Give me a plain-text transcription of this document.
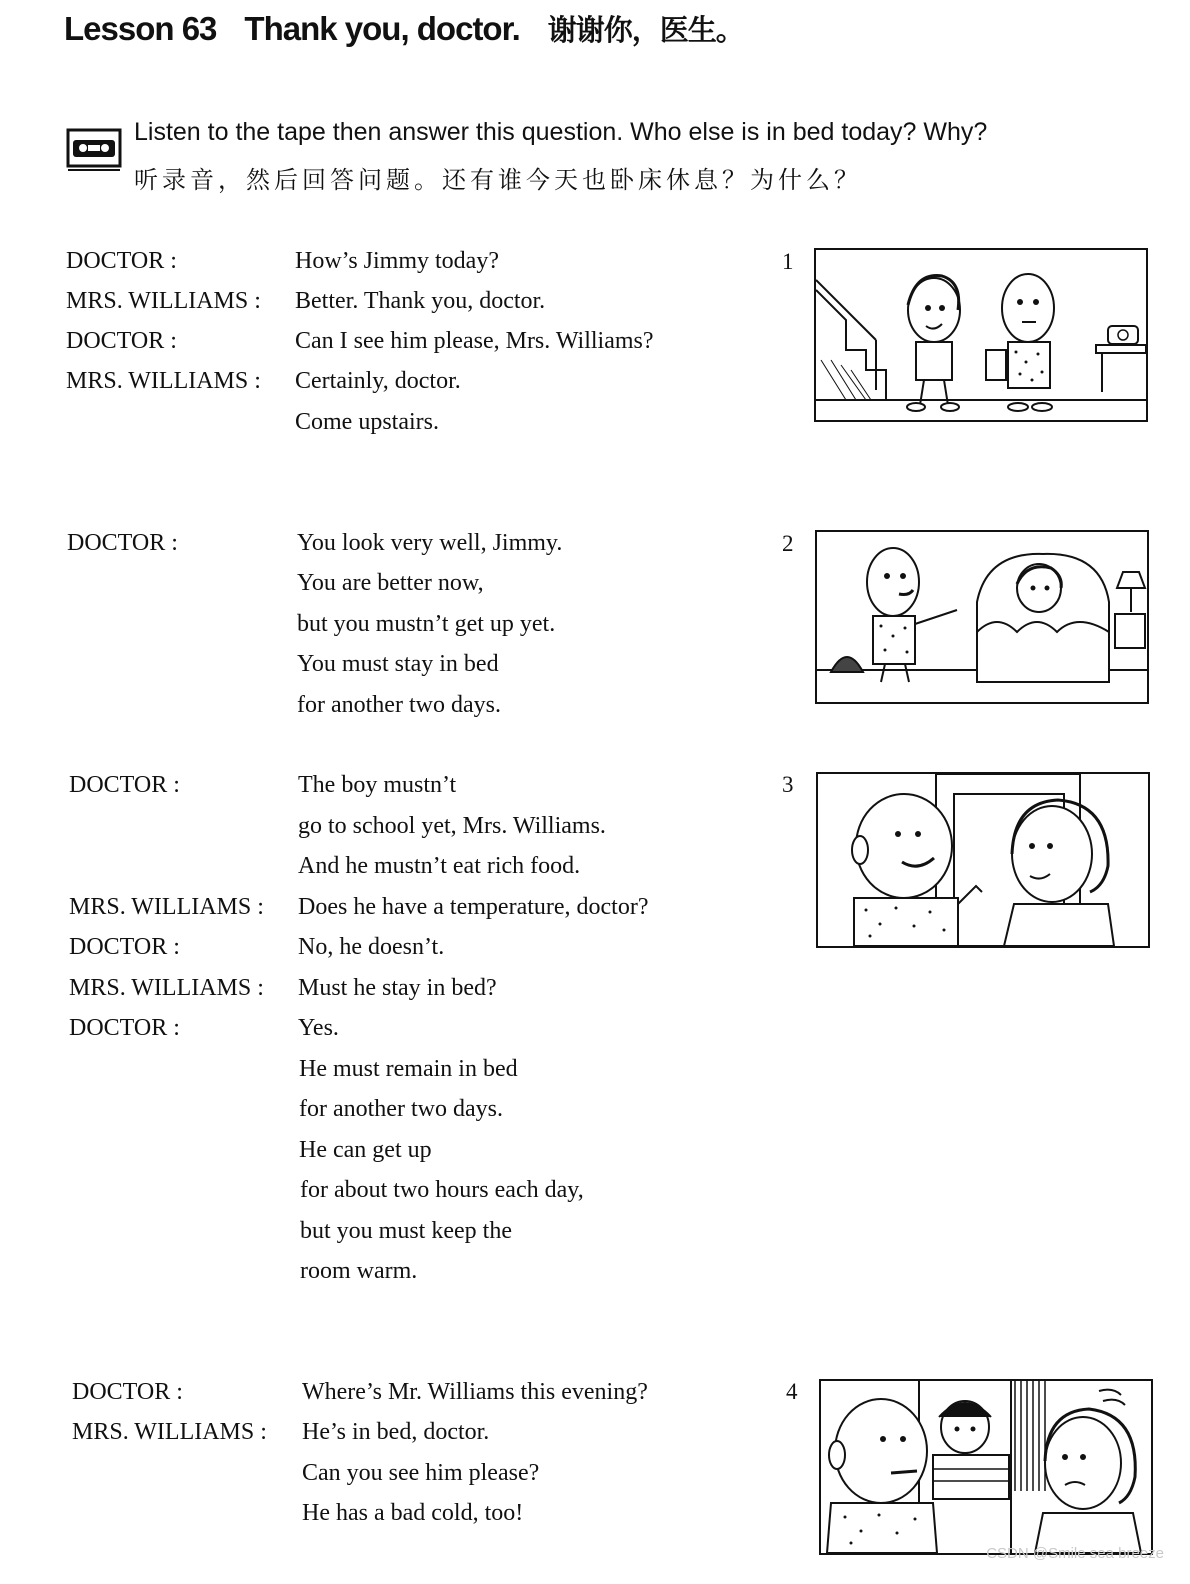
Lesson 63 Thank you, doctor. 谢谢你，医生。
Listen to the tape then answer this question. Who else is in bed today? Why?
听录音，然后回答问题。还有谁今天也卧床休息？为什么？
DOCTOR :	How’s Jimmy today?
MRS. WILLIAMS : Better. Thank you, doctor.
DOCTOR :	Can I see him please, Mrs. Williams?
MRS. WILLIAMS : Certainly, doctor.
Come upstairs.
1
DOCTOR :	You look very well, Jimmy.
You are better now,
but you mustn’t get up yet.
You must stay in bed
for another two days.
2
DOCTOR :	The boy mustn’t
go to school yet, Mrs. Williams.
And he mustn’t eat rich food.
MRS. WILLIAMS : Does he have a temperature, doctor?
DOCTOR :	No, he doesn’t.
MRS. WILLIAMS : Must he stay in bed?
DOCTOR :	Yes.
He must remain in bed
for another two days.
He can get up
for about two hours each day,
but you must keep the
room warm.
3
DOCTOR :	Where’s Mr. Williams this evening?
MRS. WILLIAMS : He’s in bed, doctor.
Can you see him please?
He has a bad cold, too!
4
CSDN @Smile sea breeze
